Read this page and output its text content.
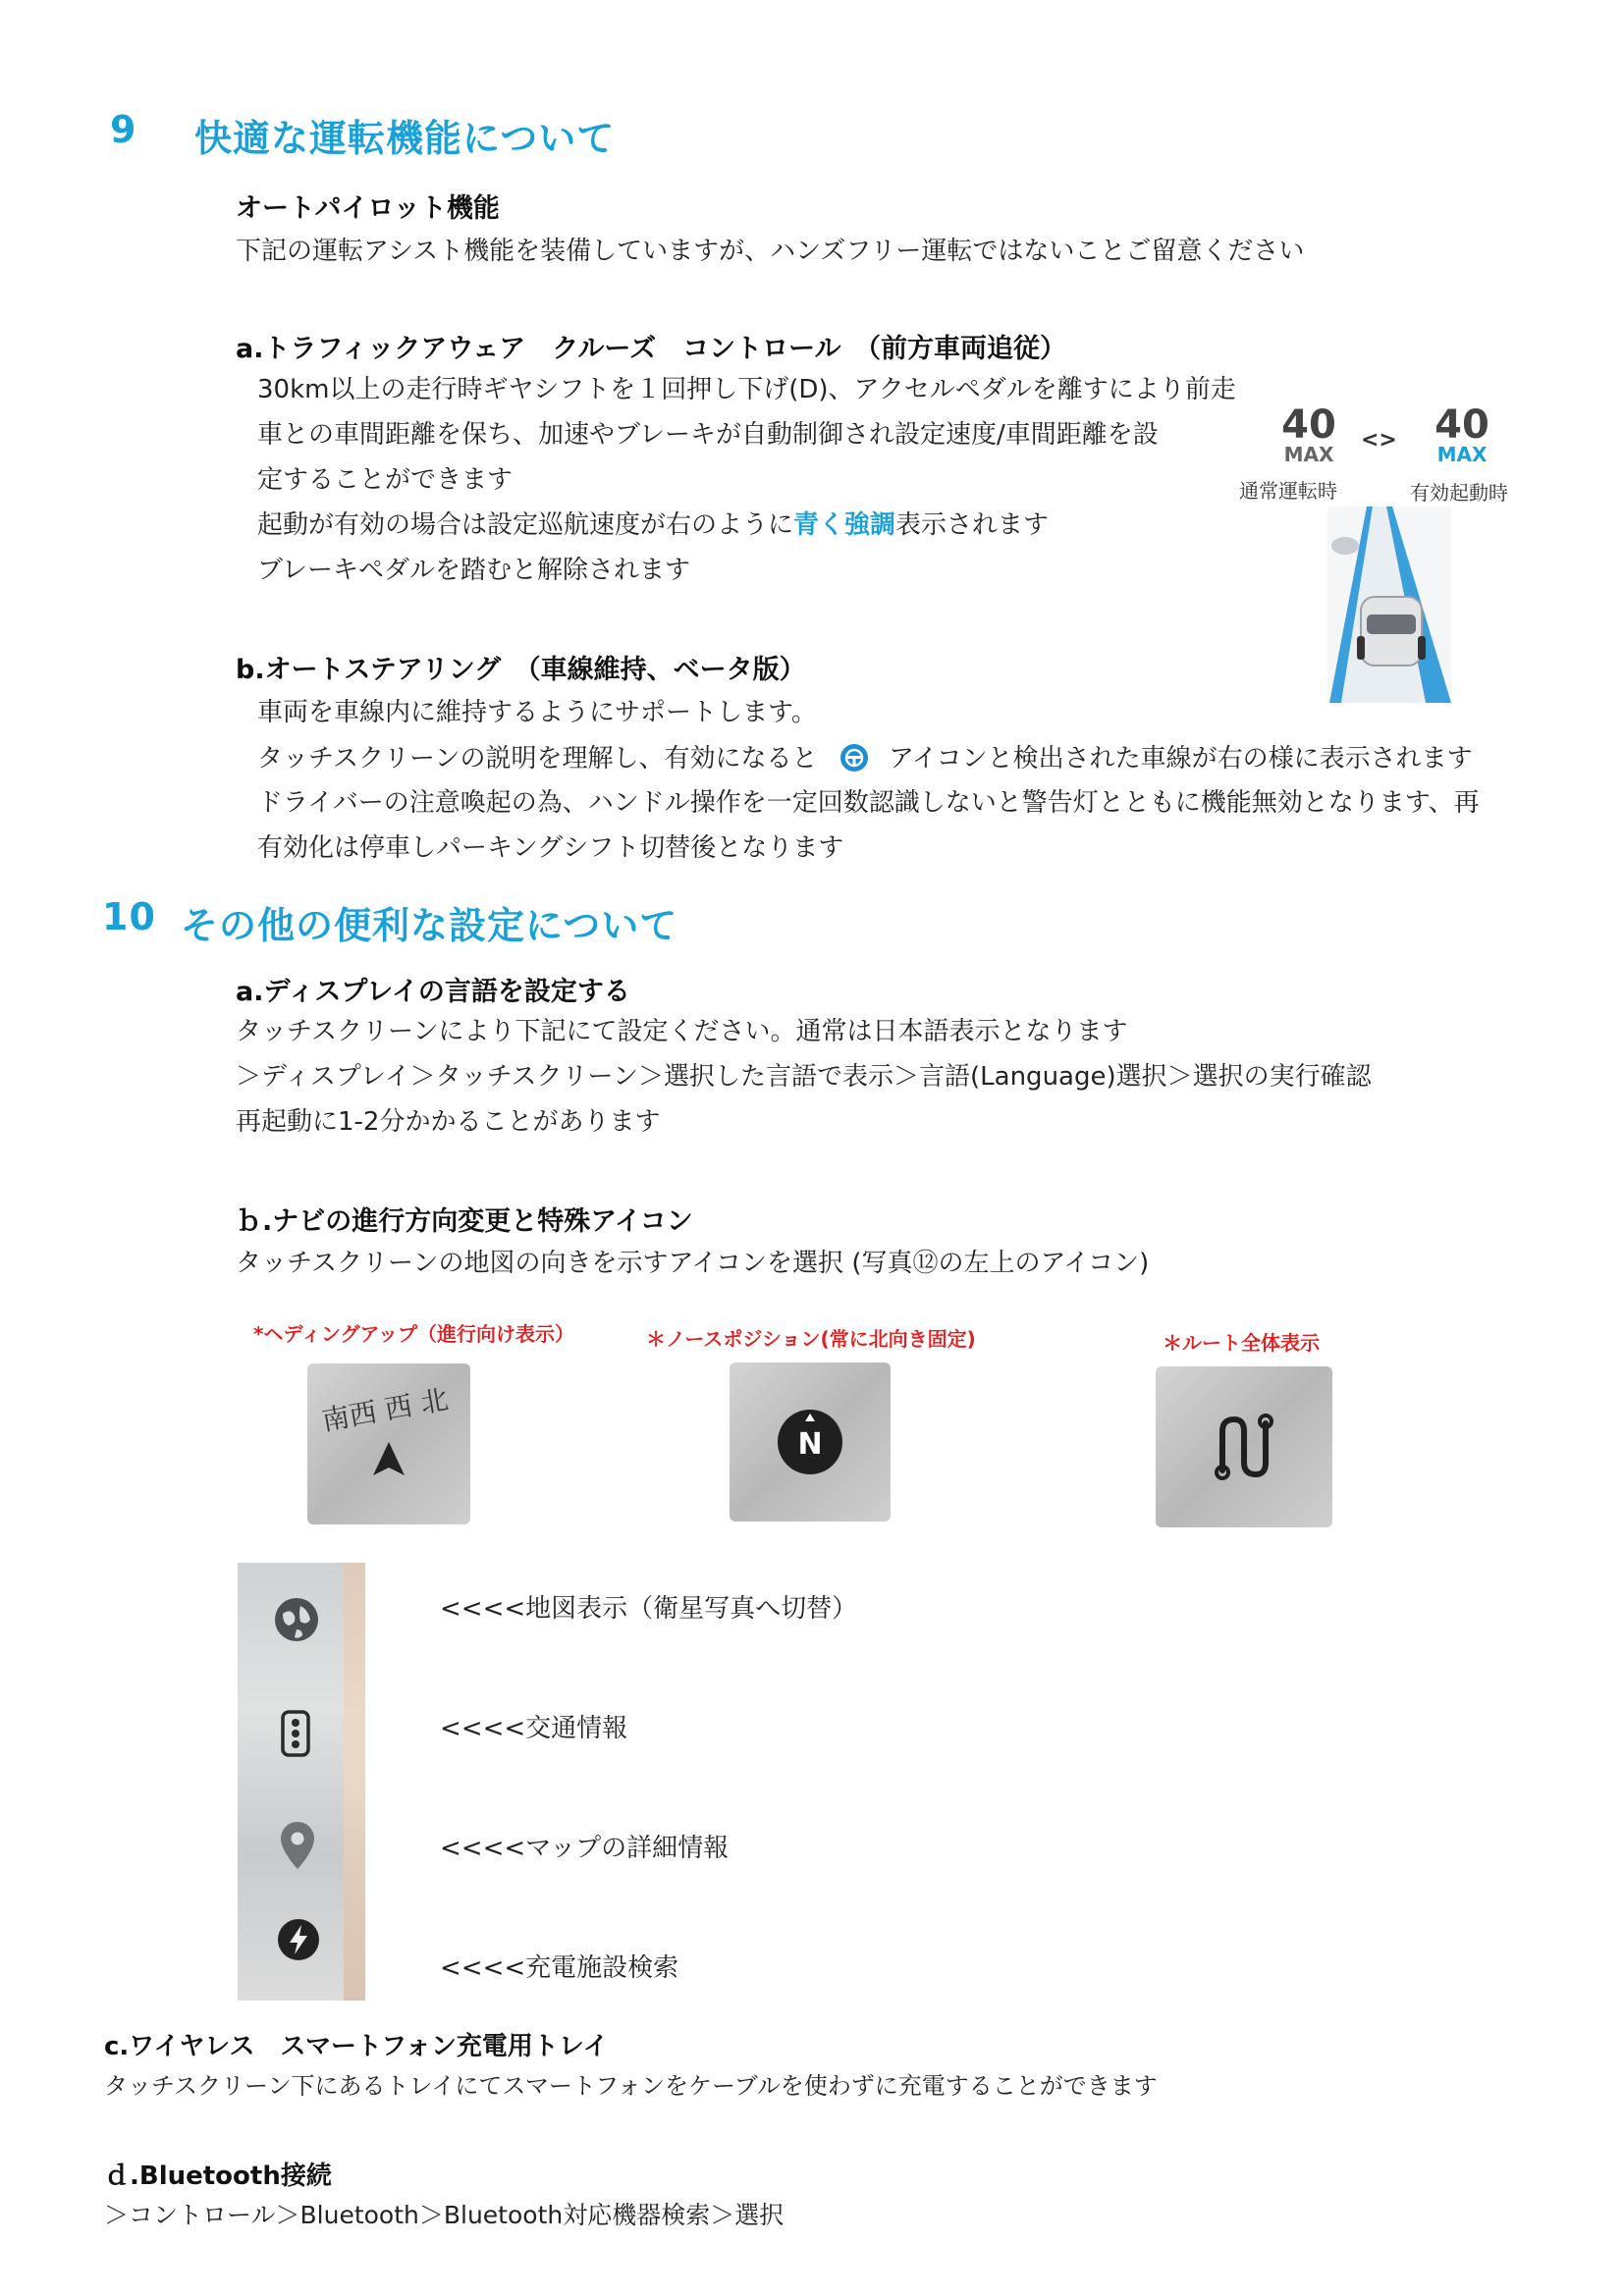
9 快適な運転機能について
オートパイロット機能
下記の運転アシスト機能を装備していますが、ハンズフリー運転ではないことご留意ください
a.トラフィックアウェア　クルーズ　コントロール　（前方車両追従）
30km以上の走行時ギヤシフトを１回押し下げ(D)、アクセルペダルを離すにより前走
車との車間距離を保ち、加速やブレーキが自動制御され設定速度/車間距離を設
定することができます
起動が有効の場合は設定巡航速度が右のように青く強調表示されます
ブレーキペダルを踏むと解除されます
40
MAX
<> 40
MAX
通常運転時	有効起動時
b.オートステアリング　（車線維持、ベータ版）
車両を車線内に維持するようにサポートします。
タッチスクリーンの説明を理解し、有効になると	アイコンと検出された車線が右の様に表示されます
ドライバーの注意喚起の為、ハンドル操作を一定回数認識しないと警告灯とともに機能無効となります、再
有効化は停車しパーキングシフト切替後となります
10 その他の便利な設定について
a.ディスプレイの言語を設定する
タッチスクリーンにより下記にて設定ください。通常は日本語表示となります
＞ディスプレイ＞タッチスクリーン＞選択した言語で表示＞言語(Language)選択＞選択の実行確認
再起動に1-2分かかることがあります
ｂ.ナビの進行方向変更と特殊アイコン
タッチスクリーンの地図の向きを示すアイコンを選択 (写真⑫の左上のアイコン)
*ヘディングアップ（進行向け表示）	＊ノースポジション(常に北向き固定)	＊ルート全体表示
南西 西 北
N
<<<<地図表示（衛星写真へ切替）
<<<<交通情報
<<<<マップの詳細情報
<<<<充電施設検索
c.ワイヤレス　スマートフォン充電用トレイ
タッチスクリーン下にあるトレイにてスマートフォンをケーブルを使わずに充電することができます
ｄ.Bluetooth接続
＞コントロール＞Bluetooth＞Bluetooth対応機器検索＞選択
